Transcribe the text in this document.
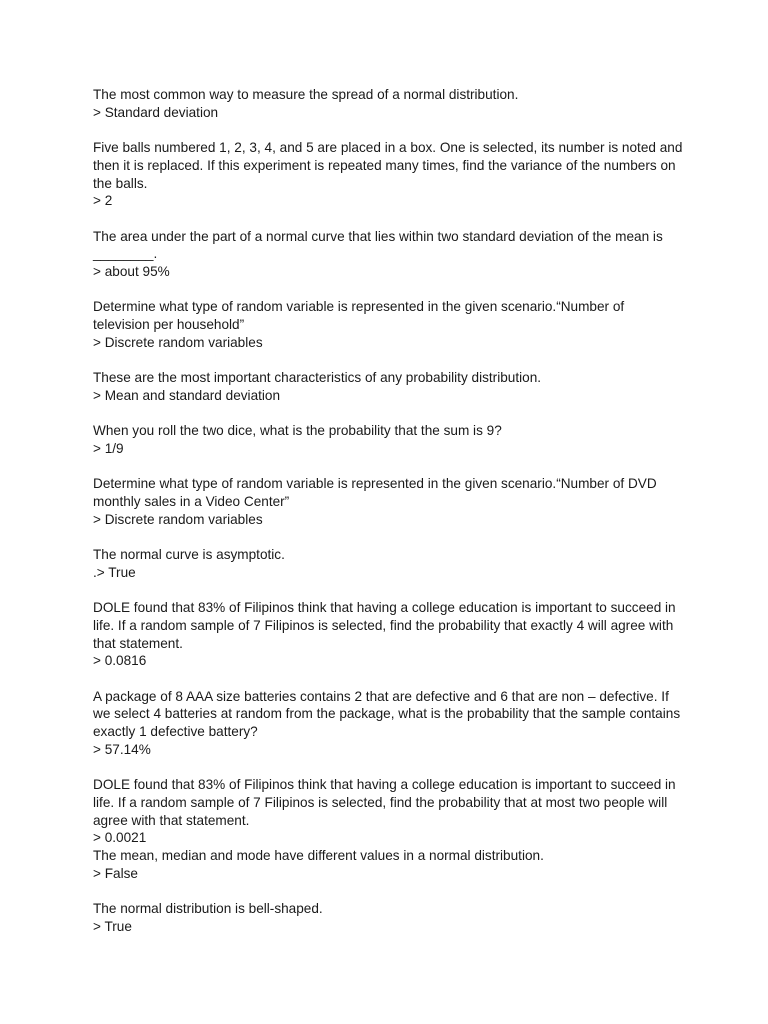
The most common way to measure the spread of a normal distribution.
> Standard deviation
Five balls numbered 1, 2, 3, 4, and 5 are placed in a box. One is selected, its number is noted and then it is replaced. If this experiment is repeated many times, find the variance of the numbers on the balls.
> 2
The area under the part of a normal curve that lies within two standard deviation of the mean is ________.
> about 95%
Determine what type of random variable is represented in the given scenario.“Number of television per household”
> Discrete random variables
These are the most important characteristics of any probability distribution.
> Mean and standard deviation
When you roll the two dice, what is the probability that the sum is 9?
> 1/9
Determine what type of random variable is represented in the given scenario.“Number of DVD monthly sales in a Video Center”
> Discrete random variables
The normal curve is asymptotic.
.> True
DOLE found that 83% of Filipinos think that having a college education is important to succeed in life. If a random sample of 7 Filipinos is selected, find the probability that exactly 4 will agree with that statement.
> 0.0816
A package of 8 AAA size batteries contains 2 that are defective and 6 that are non – defective. If we select 4 batteries at random from the package, what is the probability that the sample contains exactly 1 defective battery?
> 57.14%
DOLE found that 83% of Filipinos think that having a college education is important to succeed in life. If a random sample of 7 Filipinos is selected, find the probability that at most two people will agree with that statement.
> 0.0021
The mean, median and mode have different values in a normal distribution.
> False
The normal distribution is bell-shaped.
> True
